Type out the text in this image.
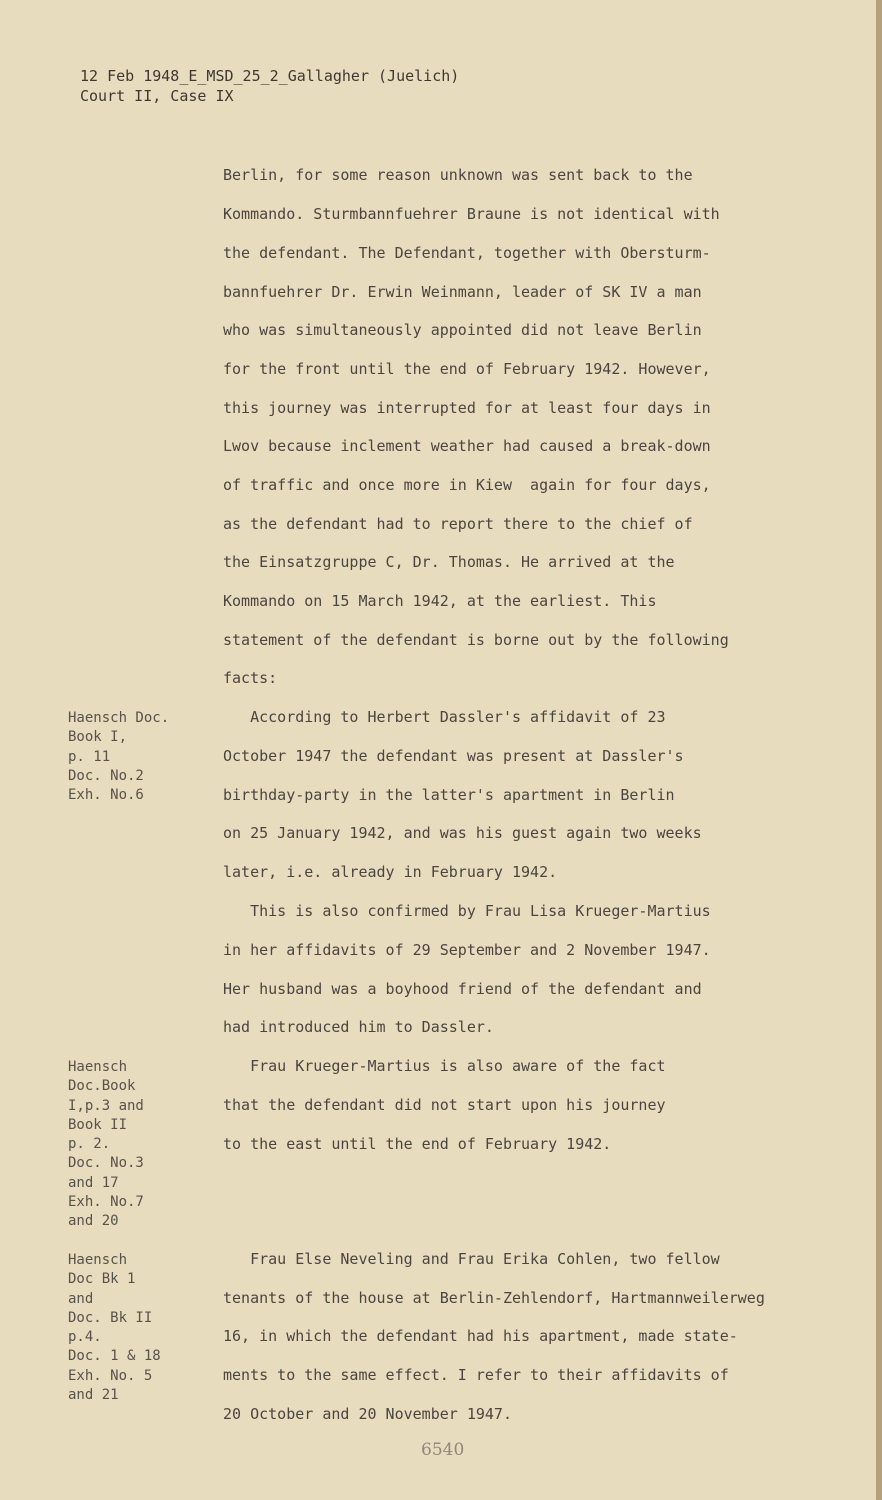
12 Feb 1948_E_MSD_25_2_Gallagher (Juelich)
Court II, Case IX
Berlin, for some reason unknown was sent back to the
Kommando. Sturmbannfuehrer Braune is not identical with
the defendant. The Defendant, together with Obersturm-
bannfuehrer Dr. Erwin Weinmann, leader of SK IV a man
who was simultaneously appointed did not leave Berlin
for the front until the end of February 1942. However,
this journey was interrupted for at least four days in
Lwov because inclement weather had caused a break-down
of traffic and once more in Kiew  again for four days,
as the defendant had to report there to the chief of
the Einsatzgruppe C, Dr. Thomas. He arrived at the
Kommando on 15 March 1942, at the earliest. This
statement of the defendant is borne out by the following
facts:
According to Herbert Dassler's affidavit of 23
October 1947 the defendant was present at Dassler's
birthday-party in the latter's apartment in Berlin
on 25 January 1942, and was his guest again two weeks
later, i.e. already in February 1942.
This is also confirmed by Frau Lisa Krueger-Martius
in her affidavits of 29 September and 2 November 1947.
Her husband was a boyhood friend of the defendant and
had introduced him to Dassler.
Frau Krueger-Martius is also aware of the fact
that the defendant did not start upon his journey
to the east until the end of February 1942.
Frau Else Neveling and Frau Erika Cohlen, two fellow
tenants of the house at Berlin-Zehlendorf, Hartmannweilerweg
16, in which the defendant had his apartment, made state-
ments to the same effect. I refer to their affidavits of
20 October and 20 November 1947.
Haensch Doc.
Book I,
p. 11
Doc. No.2
Exh. No.6
Haensch
Doc.Book
I,p.3 and
Book II
p. 2.
Doc. No.3
and 17
Exh. No.7
and 20
Haensch
Doc Bk 1
and
Doc. Bk II
p.4.
Doc. 1 & 18
Exh. No. 5
and 21
6540
